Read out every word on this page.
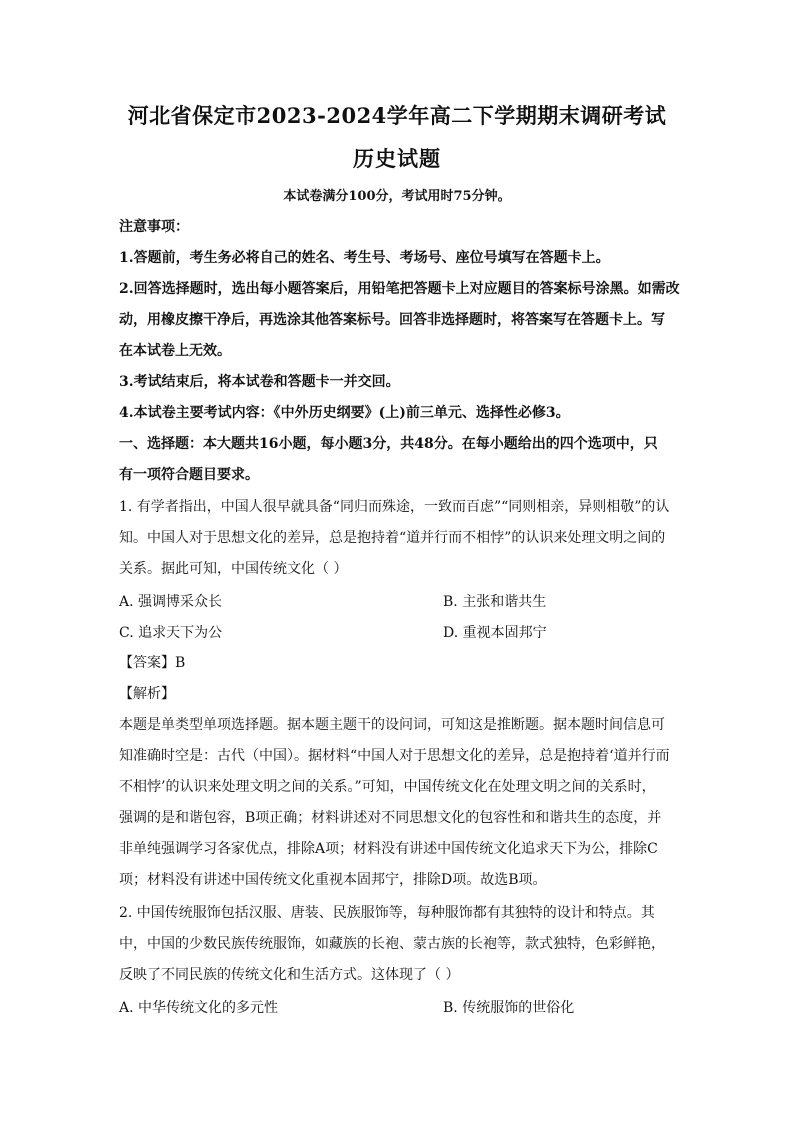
河北省保定市2023-2024学年高二下学期期末调研考试
历史试题
本试卷满分100分，考试用时75分钟。
注意事项：
1.答题前，考生务必将自己的姓名、考生号、考场号、座位号填写在答题卡上。
2.回答选择题时，选出每小题答案后，用铅笔把答题卡上对应题目的答案标号涂黑。如需改
动，用橡皮擦干净后，再选涂其他答案标号。回答非选择题时，将答案写在答题卡上。写
在本试卷上无效。
3.考试结束后，将本试卷和答题卡一并交回。
4.本试卷主要考试内容：《中外历史纲要》(上)前三单元、选择性必修3。
一、选择题：本大题共16小题，每小题3分，共48分。在每小题给出的四个选项中，只
有一项符合题目要求。
1. 有学者指出，中国人很早就具备“同归而殊途，一致而百虑”“同则相亲，异则相敬”的认
知。中国人对于思想文化的差异，总是抱持着“道并行而不相悖”的认识来处理文明之间的
关系。据此可知，中国传统文化（ ）
A. 强调博采众长	B. 主张和谐共生
C. 追求天下为公	D. 重视本固邦宁
【答案】B
【解析】
本题是单类型单项选择题。据本题主题干的设问词，可知这是推断题。据本题时间信息可
知准确时空是：古代（中国）。据材料“中国人对于思想文化的差异，总是抱持着‘道并行而
不相悖’的认识来处理文明之间的关系。”可知，中国传统文化在处理文明之间的关系时，
强调的是和谐包容，B项正确；材料讲述对不同思想文化的包容性和和谐共生的态度，并
非单纯强调学习各家优点，排除A项；材料没有讲述中国传统文化追求天下为公，排除C
项；材料没有讲述中国传统文化重视本固邦宁，排除D项。故选B项。
2. 中国传统服饰包括汉服、唐装、民族服饰等，每种服饰都有其独特的设计和特点。其
中，中国的少数民族传统服饰，如藏族的长袍、蒙古族的长袍等，款式独特，色彩鲜艳，
反映了不同民族的传统文化和生活方式。这体现了（ ）
A. 中华传统文化的多元性	B. 传统服饰的世俗化
